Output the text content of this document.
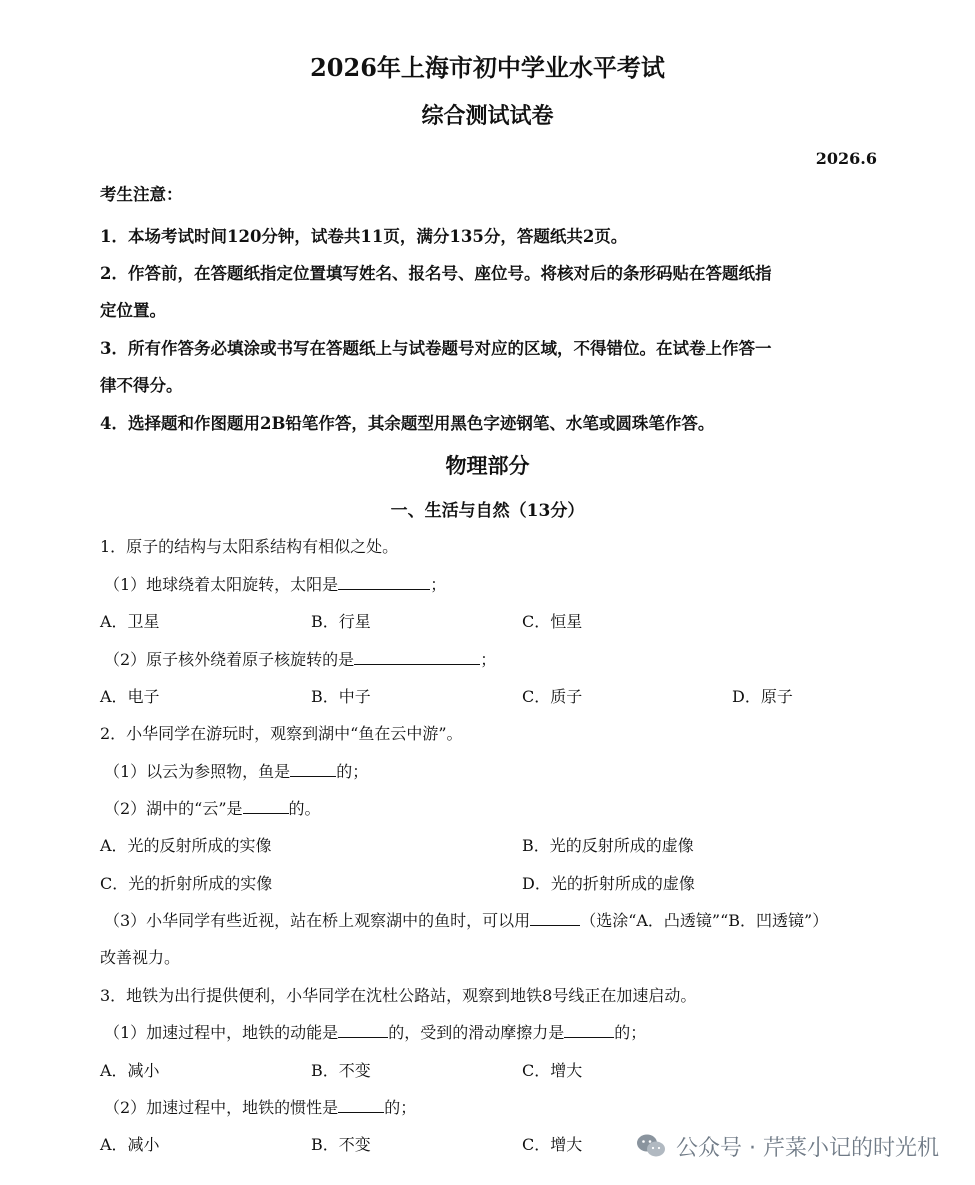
2026年上海市初中学业水平考试
综合测试试卷
2026.6
考生注意：
1．本场考试时间120分钟，试卷共11页，满分135分，答题纸共2页。
2．作答前，在答题纸指定位置填写姓名、报名号、座位号。将核对后的条形码贴在答题纸指
定位置。
3．所有作答务必填涂或书写在答题纸上与试卷题号对应的区域，不得错位。在试卷上作答一
律不得分。
4．选择题和作图题用2B铅笔作答，其余题型用黑色字迹钢笔、水笔或圆珠笔作答。
物理部分
一、生活与自然（13分）
1．原子的结构与太阳系结构有相似之处。
（1）地球绕着太阳旋转，太阳是	；
A．卫星	B．行星	C．恒星
（2）原子核外绕着原子核旋转的是	；
A．电子	B．中子	C．质子	D．原子
2．小华同学在游玩时，观察到湖中“鱼在云中游”。
（1）以云为参照物，鱼是	的；
（2）湖中的“云”是	的。
A．光的反射所成的实像	B．光的反射所成的虚像
C．光的折射所成的实像	D．光的折射所成的虚像
（3）小华同学有些近视，站在桥上观察湖中的鱼时，可以用	（选涂“A．凸透镜”“B．凹透镜”）
改善视力。
3．地铁为出行提供便利，小华同学在沈杜公路站，观察到地铁8号线正在加速启动。
（1）加速过程中，地铁的动能是	的，受到的滑动摩擦力是	的；
A．减小	B．不变	C．增大
（2）加速过程中，地铁的惯性是	的；
A．减小	B．不变	C．增大	公众号 · 芹菜小记的时光机
